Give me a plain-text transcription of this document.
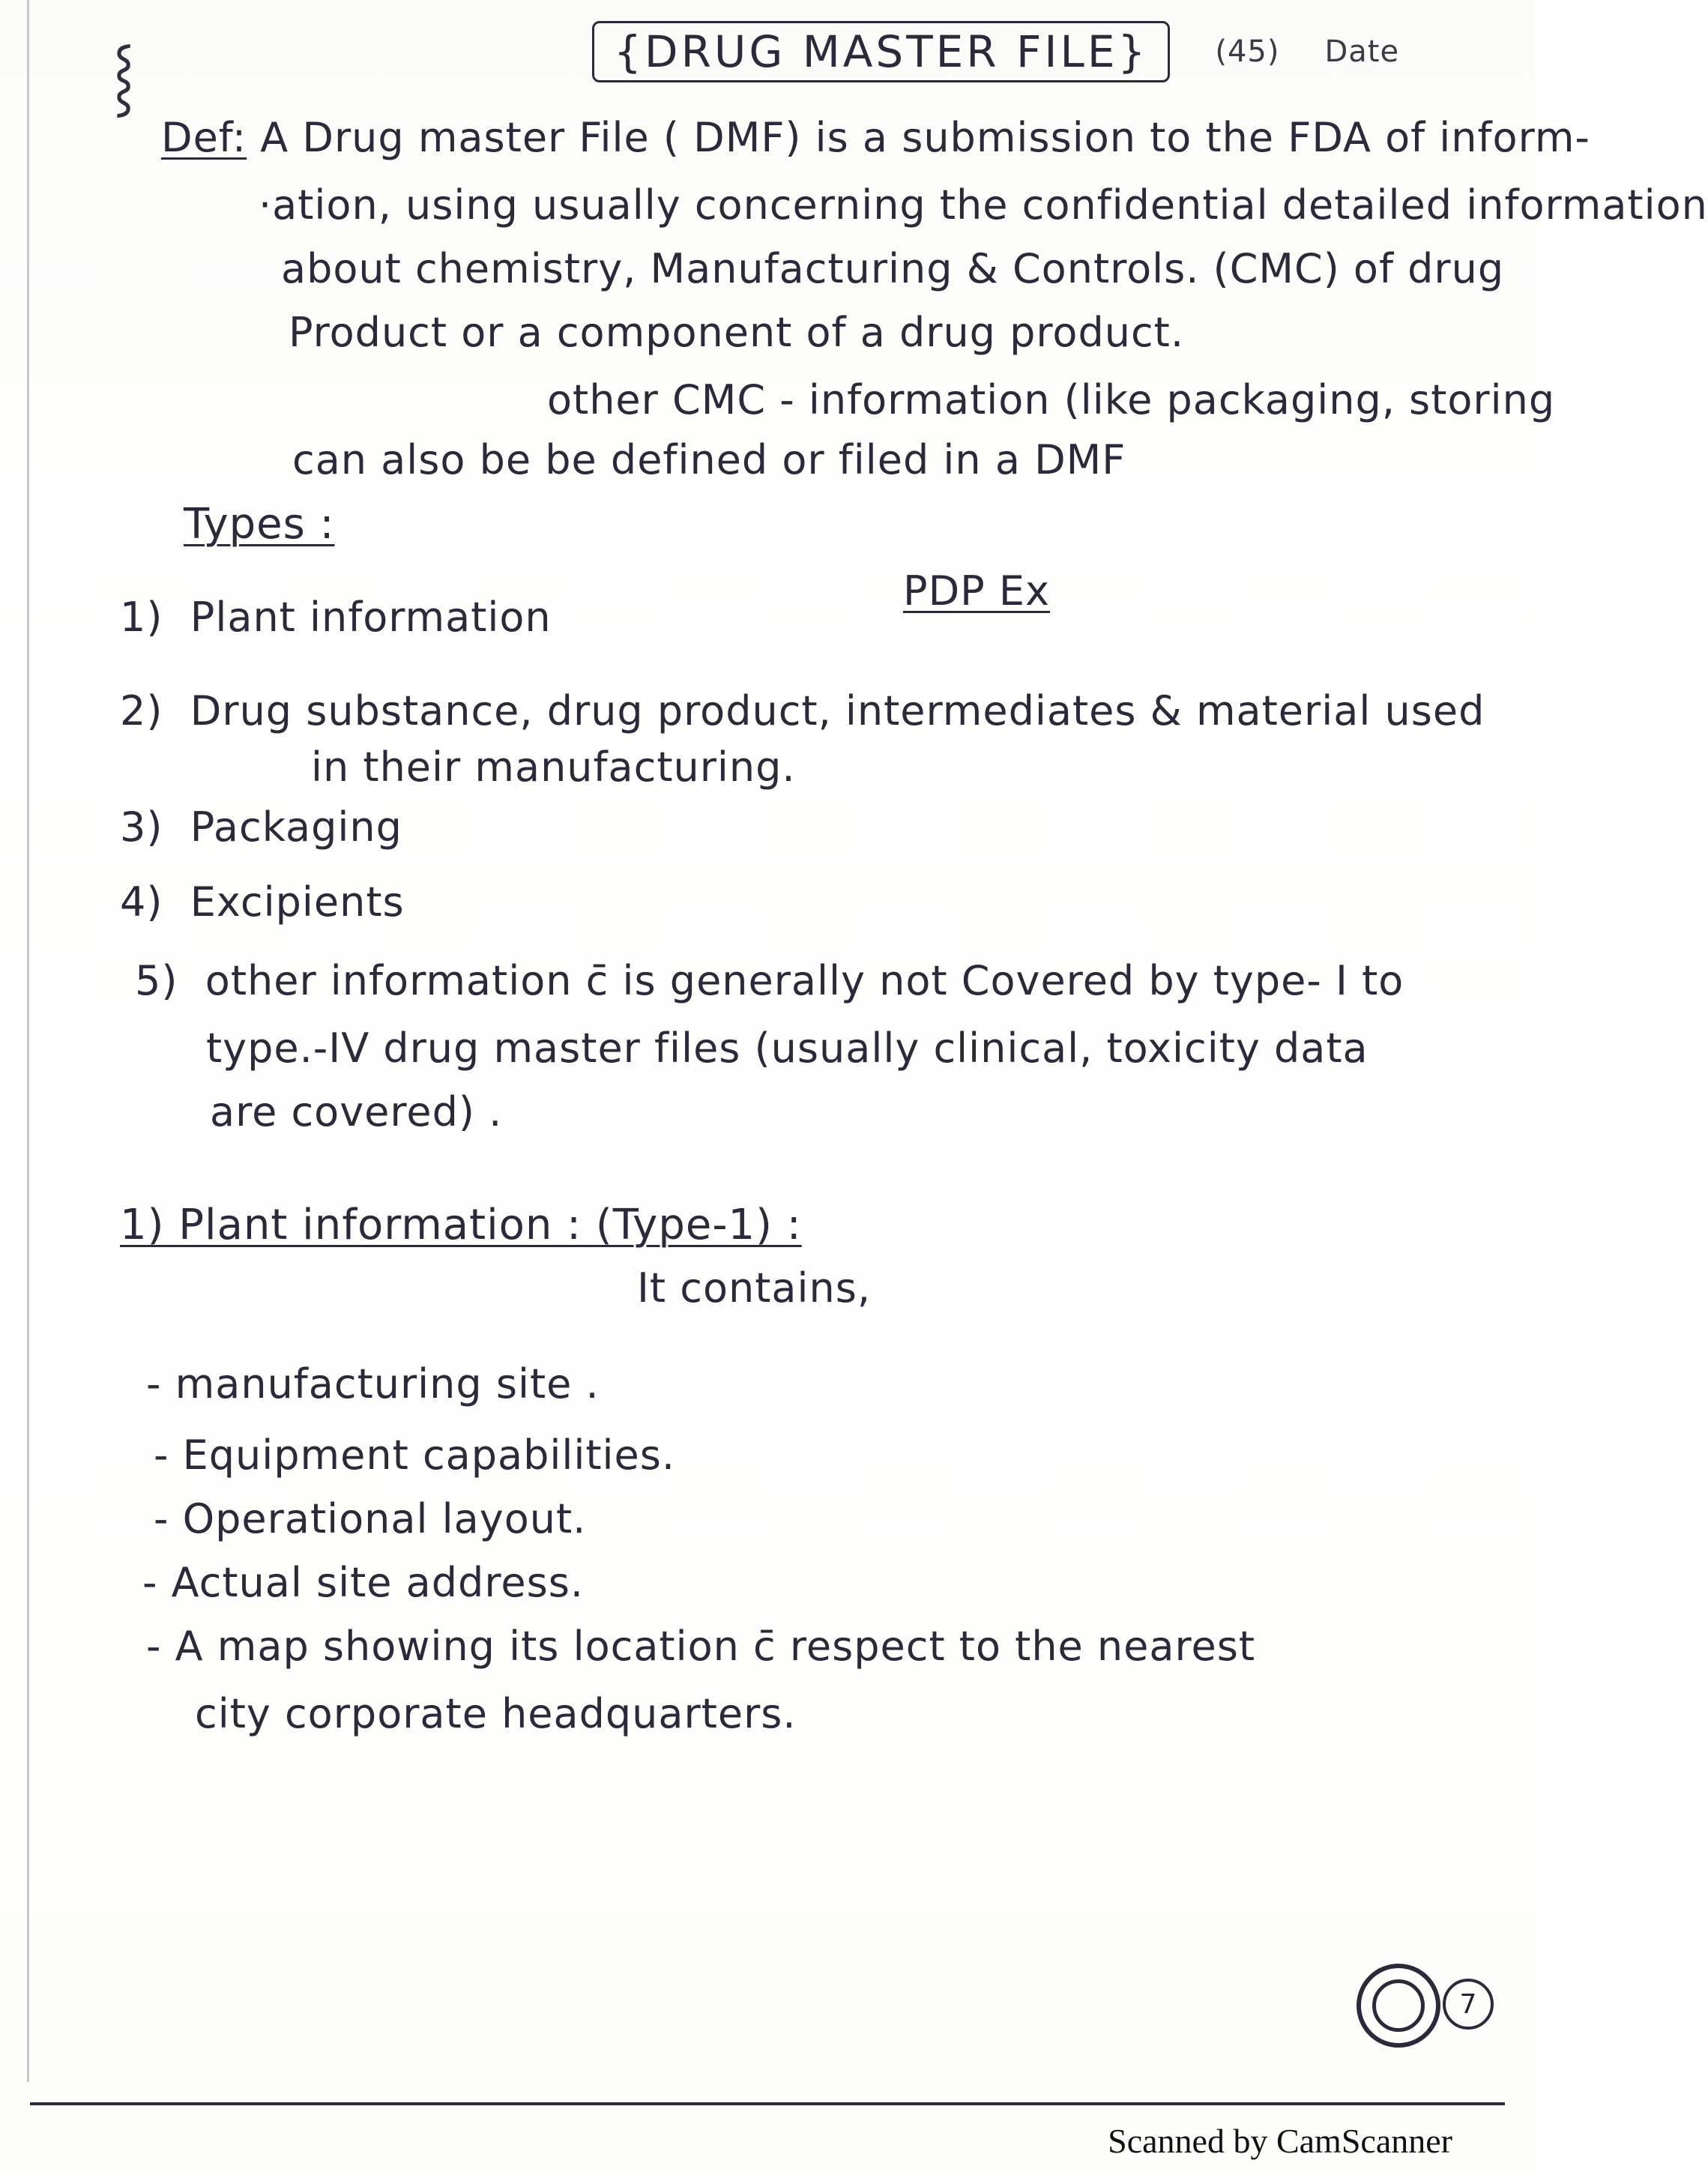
⸾	{DRUG MASTER FILE}	(45) Date
Def: A Drug master File ( DMF) is a submission to the FDA of inform-
·ation, using usually concerning the confidential detailed information
about chemistry, Manufacturing & Controls. (CMC) of drug
Product or a component of a drug product.
other CMC - information (like packaging, storing
can also be be defined or filed in a DMF
Types :
PDP Ex
1) Plant information
2) Drug substance, drug product, intermediates & material used
in their manufacturing.
3) Packaging
4) Excipients
5) other information c̄ is generally not Covered by type- I to
type.-IV drug master files (usually clinical, toxicity data
are covered) .
1) Plant information : (Type-1) :
It contains,
- manufacturing site .
- Equipment capabilities.
- Operational layout.
- Actual site address.
- A map showing its location c̄ respect to the nearest
city corporate headquarters.
7
Scanned by CamScanner
